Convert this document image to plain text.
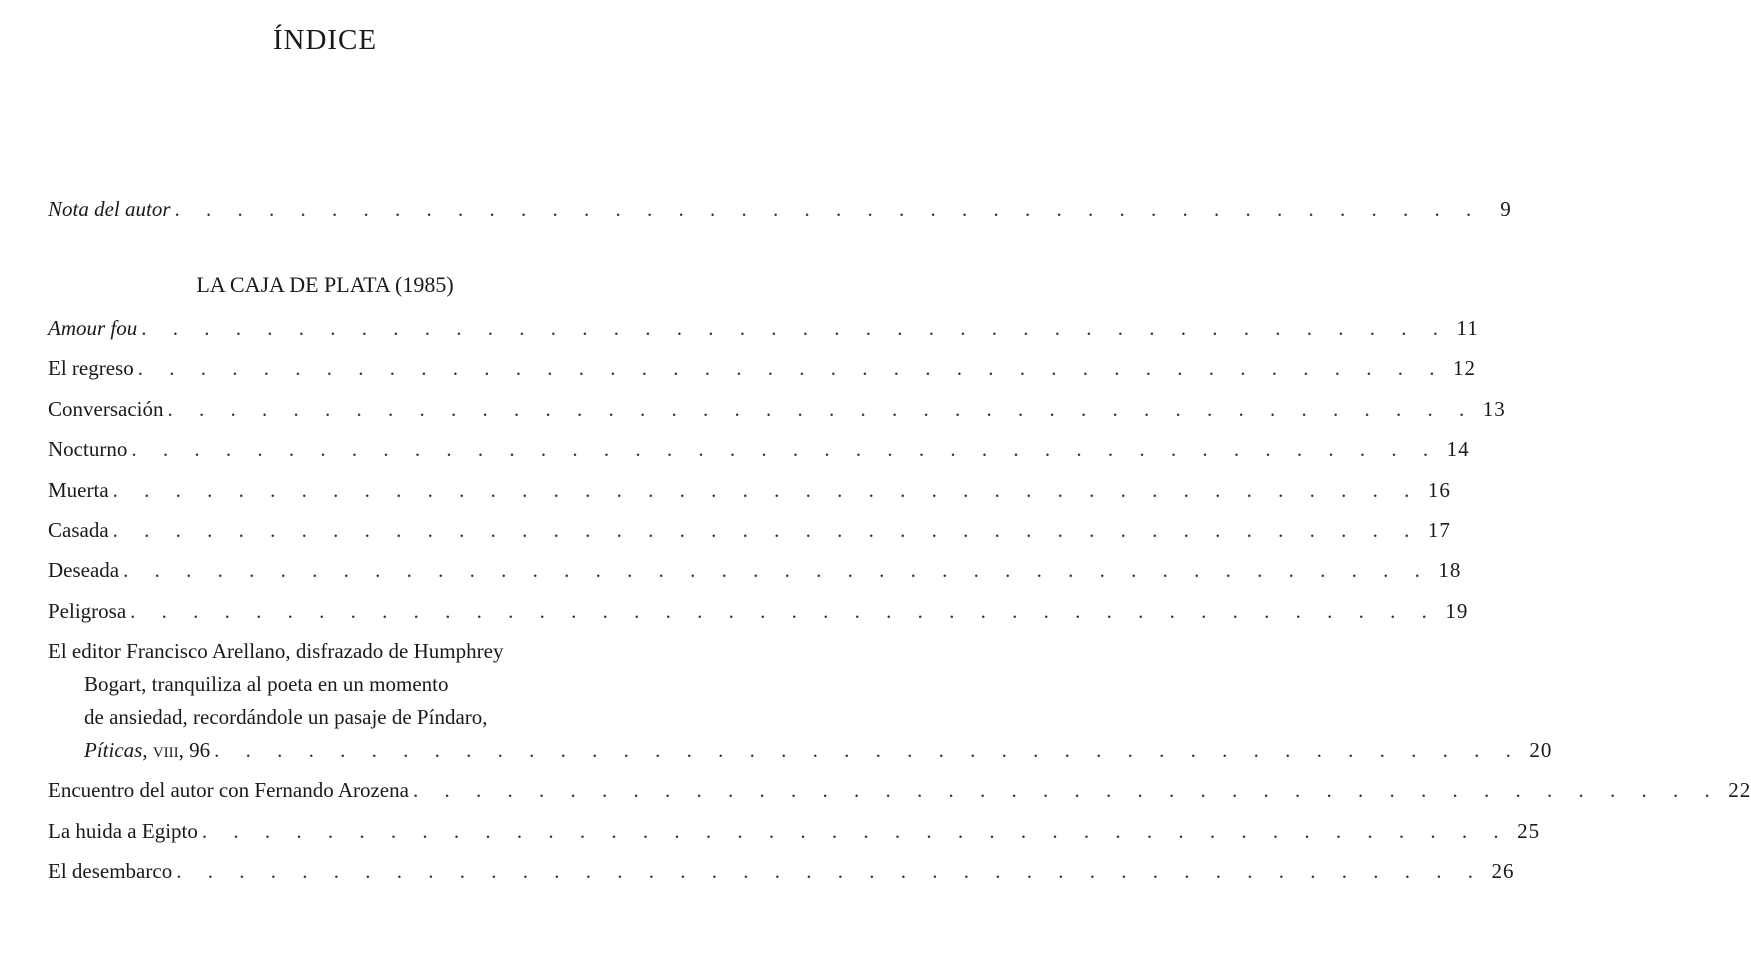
ÍNDICE
Nota del autor . . . . . . . . . . . . . . . . . . . . . . . . . . . . . . . . . . . . . . . . . . 9
LA CAJA DE PLATA (1985)
Amour fou . . . . . . . . . . . . . . . . . . . . . . . . . . . . . . . . . . . . . . . . . . 11
El regreso . . . . . . . . . . . . . . . . . . . . . . . . . . . . . . . . . . . . . . . . . . 12
Conversación . . . . . . . . . . . . . . . . . . . . . . . . . . . . . . . . . . . . . . . . . . 13
Nocturno . . . . . . . . . . . . . . . . . . . . . . . . . . . . . . . . . . . . . . . . . . 14
Muerta . . . . . . . . . . . . . . . . . . . . . . . . . . . . . . . . . . . . . . . . . . 16
Casada . . . . . . . . . . . . . . . . . . . . . . . . . . . . . . . . . . . . . . . . . . 17
Deseada . . . . . . . . . . . . . . . . . . . . . . . . . . . . . . . . . . . . . . . . . . 18
Peligrosa . . . . . . . . . . . . . . . . . . . . . . . . . . . . . . . . . . . . . . . . . . 19
El editor Francisco Arellano, disfrazado de Humphrey
Bogart, tranquiliza al poeta en un momento
de ansiedad, recordándole un pasaje de Píndaro,
Píticas, viii, 96 . . . . . . . . . . . . . . . . . . . . . . . . . . . . . . . . . . . . . . . . . . 20
Encuentro del autor con Fernando Arozena . . . . . . . . . . . . . . . . . . . . . . . . . . . . . . . . . . . . . . . . . . 22
La huida a Egipto . . . . . . . . . . . . . . . . . . . . . . . . . . . . . . . . . . . . . . . . . . 25
El desembarco . . . . . . . . . . . . . . . . . . . . . . . . . . . . . . . . . . . . . . . . . . 26
